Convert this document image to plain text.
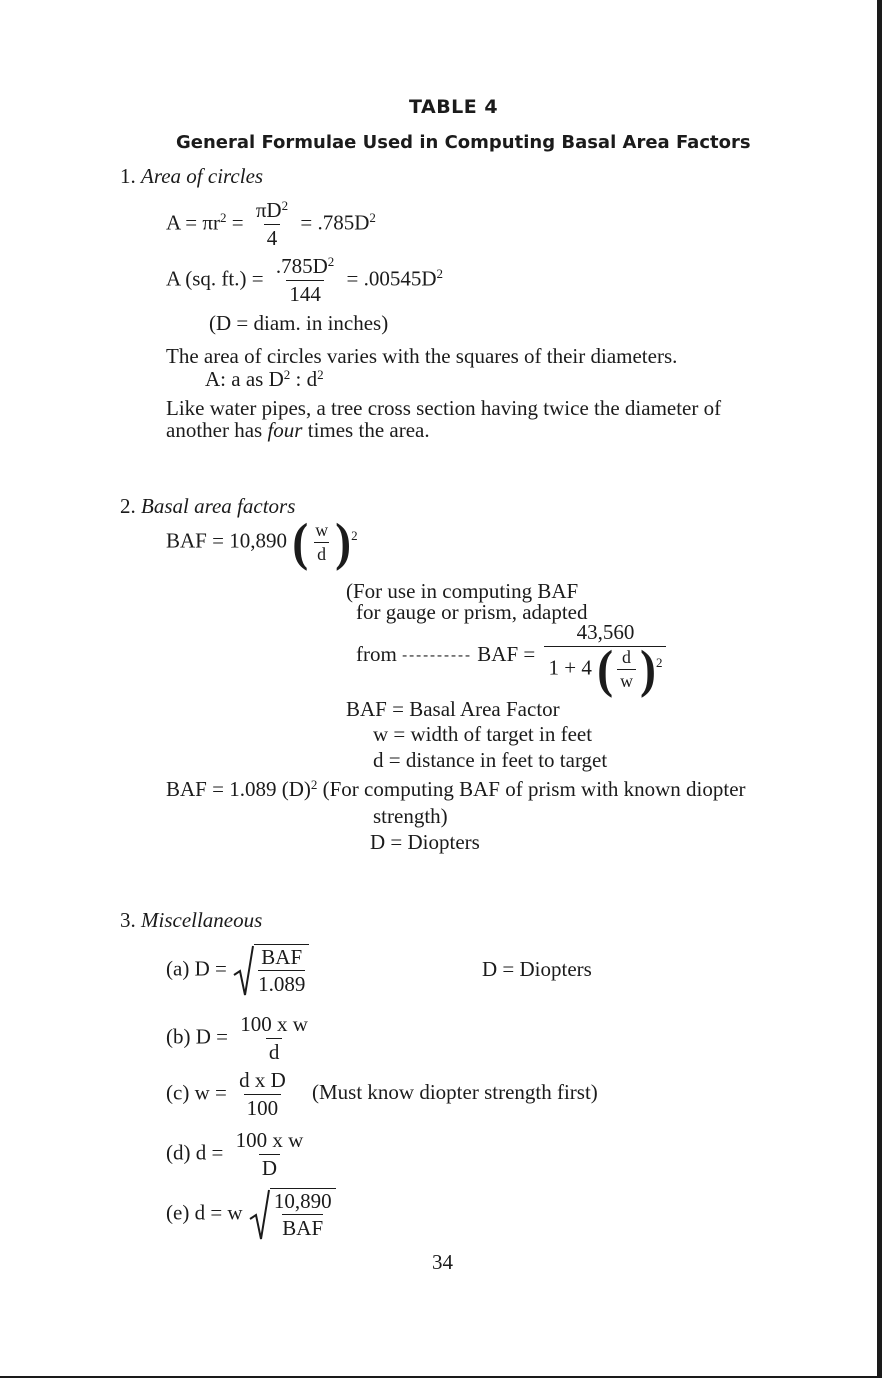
TABLE 4
General Formulae Used in Computing Basal Area Factors
1. Area of circles
$A = \pi r^2 = \frac{\pi D^2}{4} = .785D^2$
A (sq. $ft.) = \frac{.785D^2}{144} = .00545D^2$
(D = diam. in inches)
The area of circles varies with the squares of their diameters.
A: a as $D^2$ : $d^2$
Like water pipes, a tree cross section having twice the diameter of
another has four times the area.
2. Basal area factors
BAF = 10,890 ( $\frac{w}{d} )^2$
(For use in computing BAF
for gauge or prism, adapted
from ---------- BAF = $\frac{43,560}{1 + 4 ( \frac{d}{w} )^2}$
BAF = Basal Area Factor
w = width of target in feet
d = distance in feet to target
BAF = 1.089 $(D)^2$ (For computing BAF of prism with known diopter
strength)
D = Diopters
3. Miscellaneous
(a) D = BAF
1.089
D = Diopters
(b) $D = \frac{\text{100 x w}}{d}$
(c) $w = \frac{\text{d x D}}{100}$ (Must know diopter strength first)
(d) $d = \frac{\text{100 x w}}{D}$
(e) d = w 10,890
BAF
34
